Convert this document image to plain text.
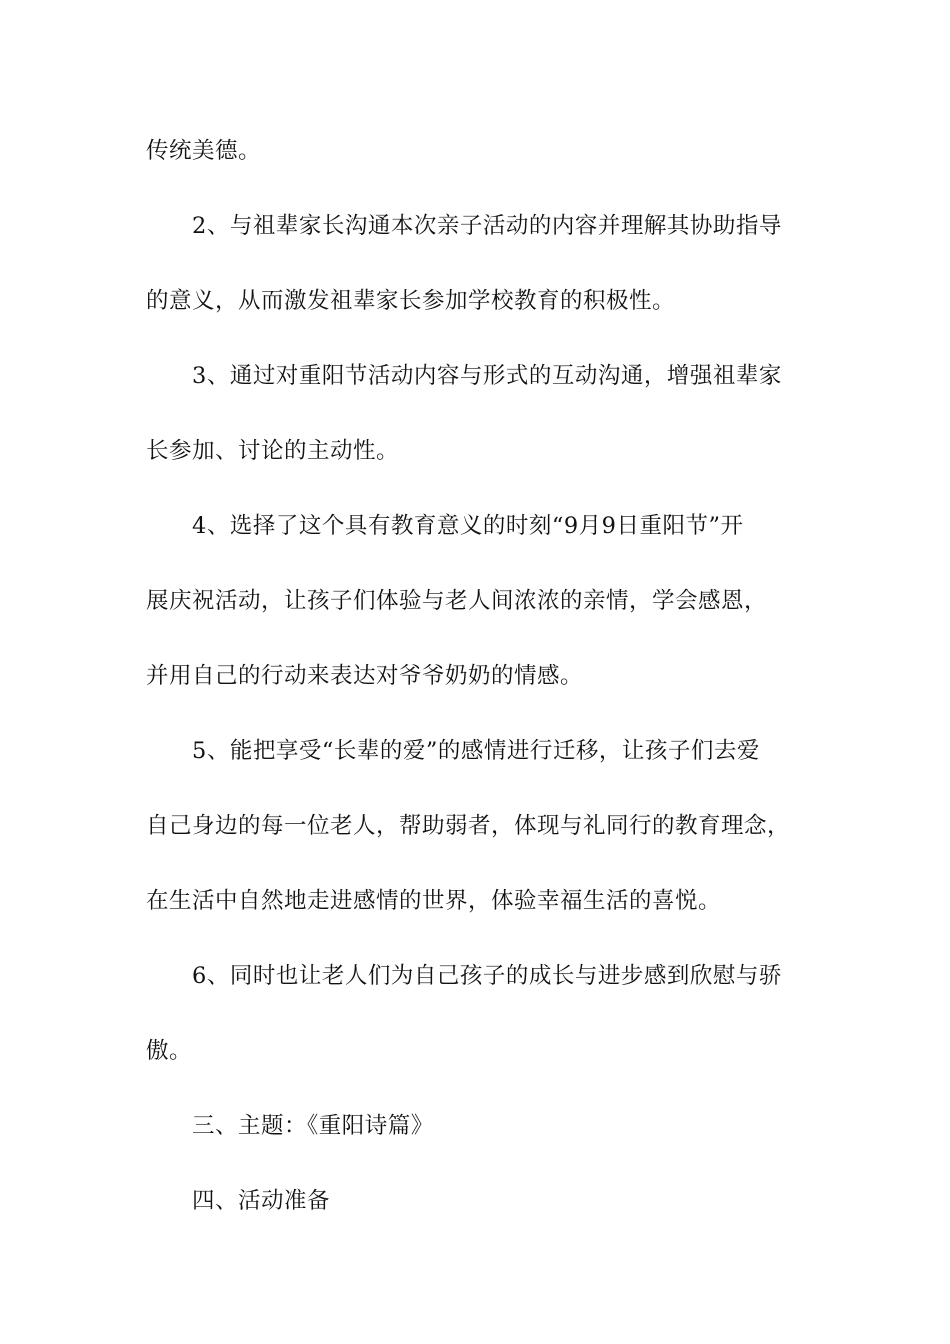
传统美德。
2、与祖辈家长沟通本次亲子活动的内容并理解其协助指导
的意义，从而激发祖辈家长参加学校教育的积极性。
3、通过对重阳节活动内容与形式的互动沟通，增强祖辈家
长参加、讨论的主动性。
4、选择了这个具有教育意义的时刻“9月9日重阳节”开
展庆祝活动，让孩子们体验与老人间浓浓的亲情，学会感恩，
并用自己的行动来表达对爷爷奶奶的情感。
5、能把享受“长辈的爱”的感情进行迁移，让孩子们去爱
自己身边的每一位老人，帮助弱者，体现与礼同行的教育理念，
在生活中自然地走进感情的世界，体验幸福生活的喜悦。
6、同时也让老人们为自己孩子的成长与进步感到欣慰与骄
傲。
三、主题：《重阳诗篇》
四、活动准备
